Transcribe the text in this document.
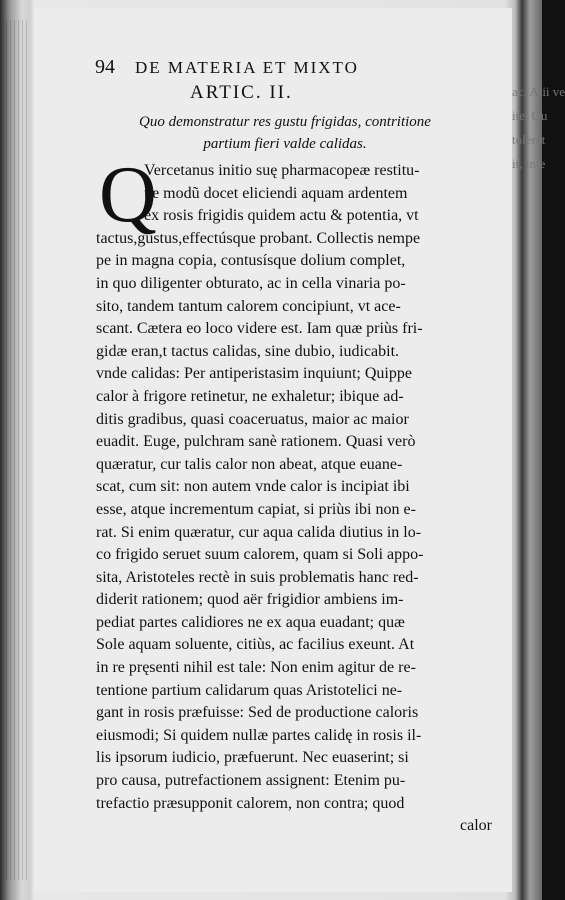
ac. Alii ve
ite. Qu
toleret
it, inte
94 DE MATERIA ET MIXTO
ARTIC. II.
Quo demonstratur res gustu frigidas, contritione
partium fieri valde calidas.
Q
Vercetanus initio suę pharmacopeæ restitu-
tæ modũ docet eliciendi aquam ardentem
ex rosis frigidis quidem actu & potentia, vt
tactus,gustus,effectúsque probant. Collectis nempe
pe in magna copia, contusísque dolium complet,
in quo diligenter obturato, ac in cella vinaria po-
sito, tandem tantum calorem concipiunt, vt ace-
scant. Cætera eo loco videre est. Iam quæ priùs fri-
gidæ eran,t tactus calidas, sine dubio, iudicabit.
vnde calidas: Per antiperistasim inquiunt; Quippe
calor à frigore retinetur, ne exhaletur; ibique ad-
ditis gradibus, quasi coaceruatus, maior ac maior
euadit. Euge, pulchram sanè rationem. Quasi verò
quæratur, cur talis calor non abeat, atque euane-
scat, cum sit: non autem vnde calor is incipiat ibi
esse, atque incrementum capiat, si priùs ibi non e-
rat. Si enim quæratur, cur aqua calida diutius in lo-
co frigido seruet suum calorem, quam si Soli appo-
sita, Aristoteles rectè in suis problematis hanc red-
diderit rationem; quod aër frigidior ambiens im-
pediat partes calidiores ne ex aqua euadant; quæ
Sole aquam soluente, citiùs, ac facilius exeunt. At
in re pręsenti nihil est tale: Non enim agitur de re-
tentione partium calidarum quas Aristotelici ne-
gant in rosis præfuisse: Sed de productione caloris
eiusmodi; Si quidem nullæ partes calidę in rosis il-
lis ipsorum iudicio, præfuerunt. Nec euaserint; si
pro causa, putrefactionem assignent: Etenim pu-
trefactio præsupponit calorem, non contra; quod
calor
